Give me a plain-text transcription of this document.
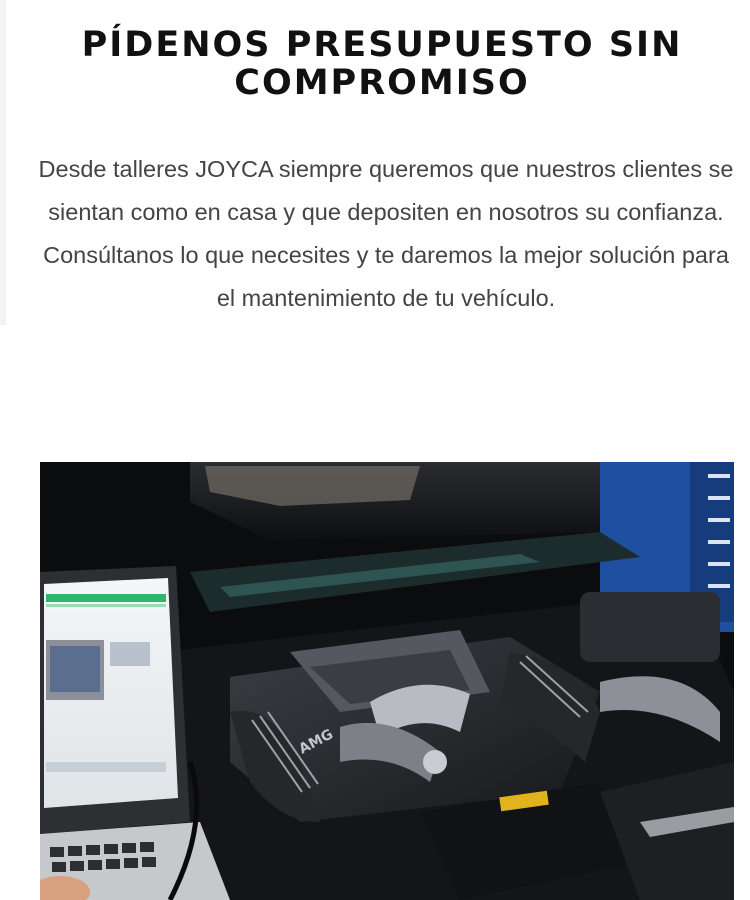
PÍDENOS PRESUPUESTO SIN COMPROMISO

Desde talleres JOYCA siempre queremos que nuestros clientes se sientan como en casa y que depositen en nosotros su confianza. Consúltanos lo que necesites y te daremos la mejor solución para el mantenimiento de tu vehículo.

AMG
